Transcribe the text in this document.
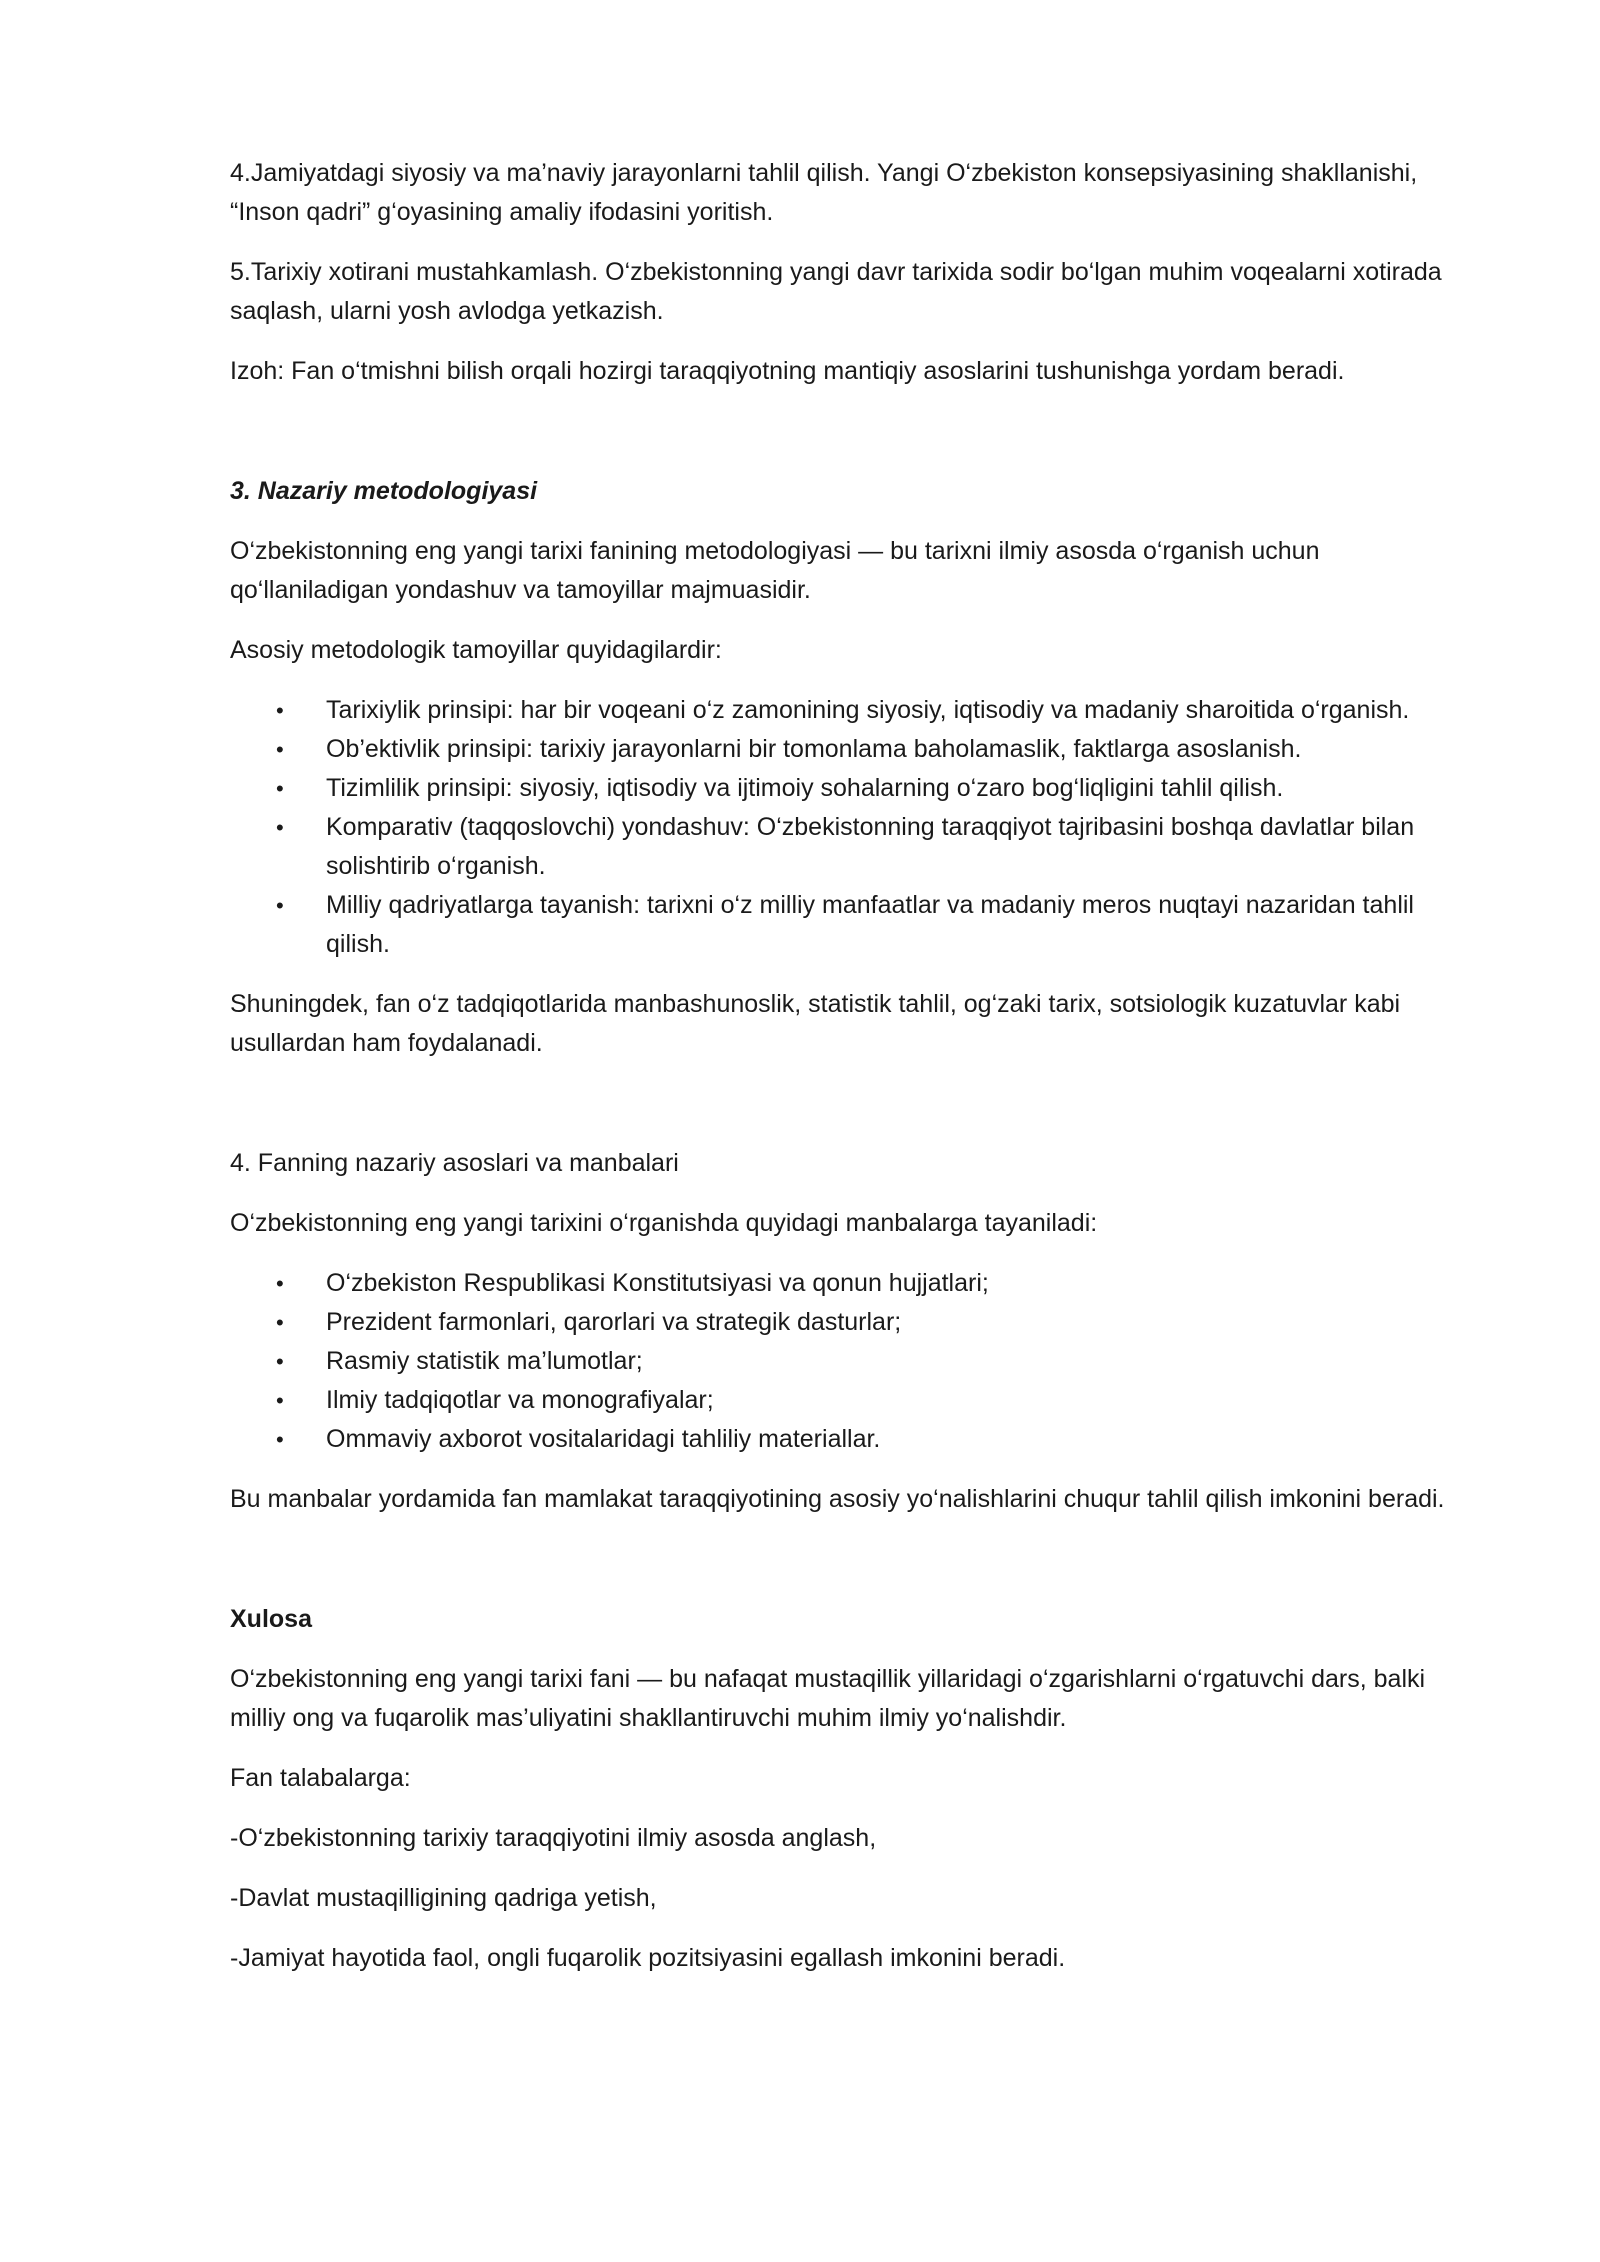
4.Jamiyatdagi siyosiy va ma’naviy jarayonlarni tahlil qilish. Yangi O‘zbekiston konsepsiyasining shakllanishi, “Inson qadri” g‘oyasining amaliy ifodasini yoritish.

5.Tarixiy xotirani mustahkamlash. O‘zbekistonning yangi davr tarixida sodir bo‘lgan muhim voqealarni xotirada saqlash, ularni yosh avlodga yetkazish.

Izoh: Fan o‘tmishni bilish orqali hozirgi taraqqiyotning mantiqiy asoslarini tushunishga yordam beradi.

3. Nazariy metodologiyasi

O‘zbekistonning eng yangi tarixi fanining metodologiyasi — bu tarixni ilmiy asosda o‘rganish uchun qo‘llaniladigan yondashuv va tamoyillar majmuasidir.

Asosiy metodologik tamoyillar quyidagilardir:

• Tarixiylik prinsipi: har bir voqeani o‘z zamonining siyosiy, iqtisodiy va madaniy sharoitida o‘rganish.
• Ob’ektivlik prinsipi: tarixiy jarayonlarni bir tomonlama baholamaslik, faktlarga asoslanish.
• Tizimlilik prinsipi: siyosiy, iqtisodiy va ijtimoiy sohalarning o‘zaro bog‘liqligini tahlil qilish.
• Komparativ (taqqoslovchi) yondashuv: O‘zbekistonning taraqqiyot tajribasini boshqa davlatlar bilan solishtirib o‘rganish.
• Milliy qadriyatlarga tayanish: tarixni o‘z milliy manfaatlar va madaniy meros nuqtayi nazaridan tahlil qilish.

Shuningdek, fan o‘z tadqiqotlarida manbashunoslik, statistik tahlil, og‘zaki tarix, sotsiologik kuzatuvlar kabi usullardan ham foydalanadi.

4. Fanning nazariy asoslari va manbalari

O‘zbekistonning eng yangi tarixini o‘rganishda quyidagi manbalarga tayaniladi:

• O‘zbekiston Respublikasi Konstitutsiyasi va qonun hujjatlari;
• Prezident farmonlari, qarorlari va strategik dasturlar;
• Rasmiy statistik ma’lumotlar;
• Ilmiy tadqiqotlar va monografiyalar;
• Ommaviy axborot vositalaridagi tahliliy materiallar.

Bu manbalar yordamida fan mamlakat taraqqiyotining asosiy yo‘nalishlarini chuqur tahlil qilish imkonini beradi.

Xulosa

O‘zbekistonning eng yangi tarixi fani — bu nafaqat mustaqillik yillaridagi o‘zgarishlarni o‘rgatuvchi dars, balki milliy ong va fuqarolik mas’uliyatini shakllantiruvchi muhim ilmiy yo‘nalishdir.

Fan talabalarga:

-O‘zbekistonning tarixiy taraqqiyotini ilmiy asosda anglash,

-Davlat mustaqilligining qadriga yetish,

-Jamiyat hayotida faol, ongli fuqarolik pozitsiyasini egallash imkonini beradi.
